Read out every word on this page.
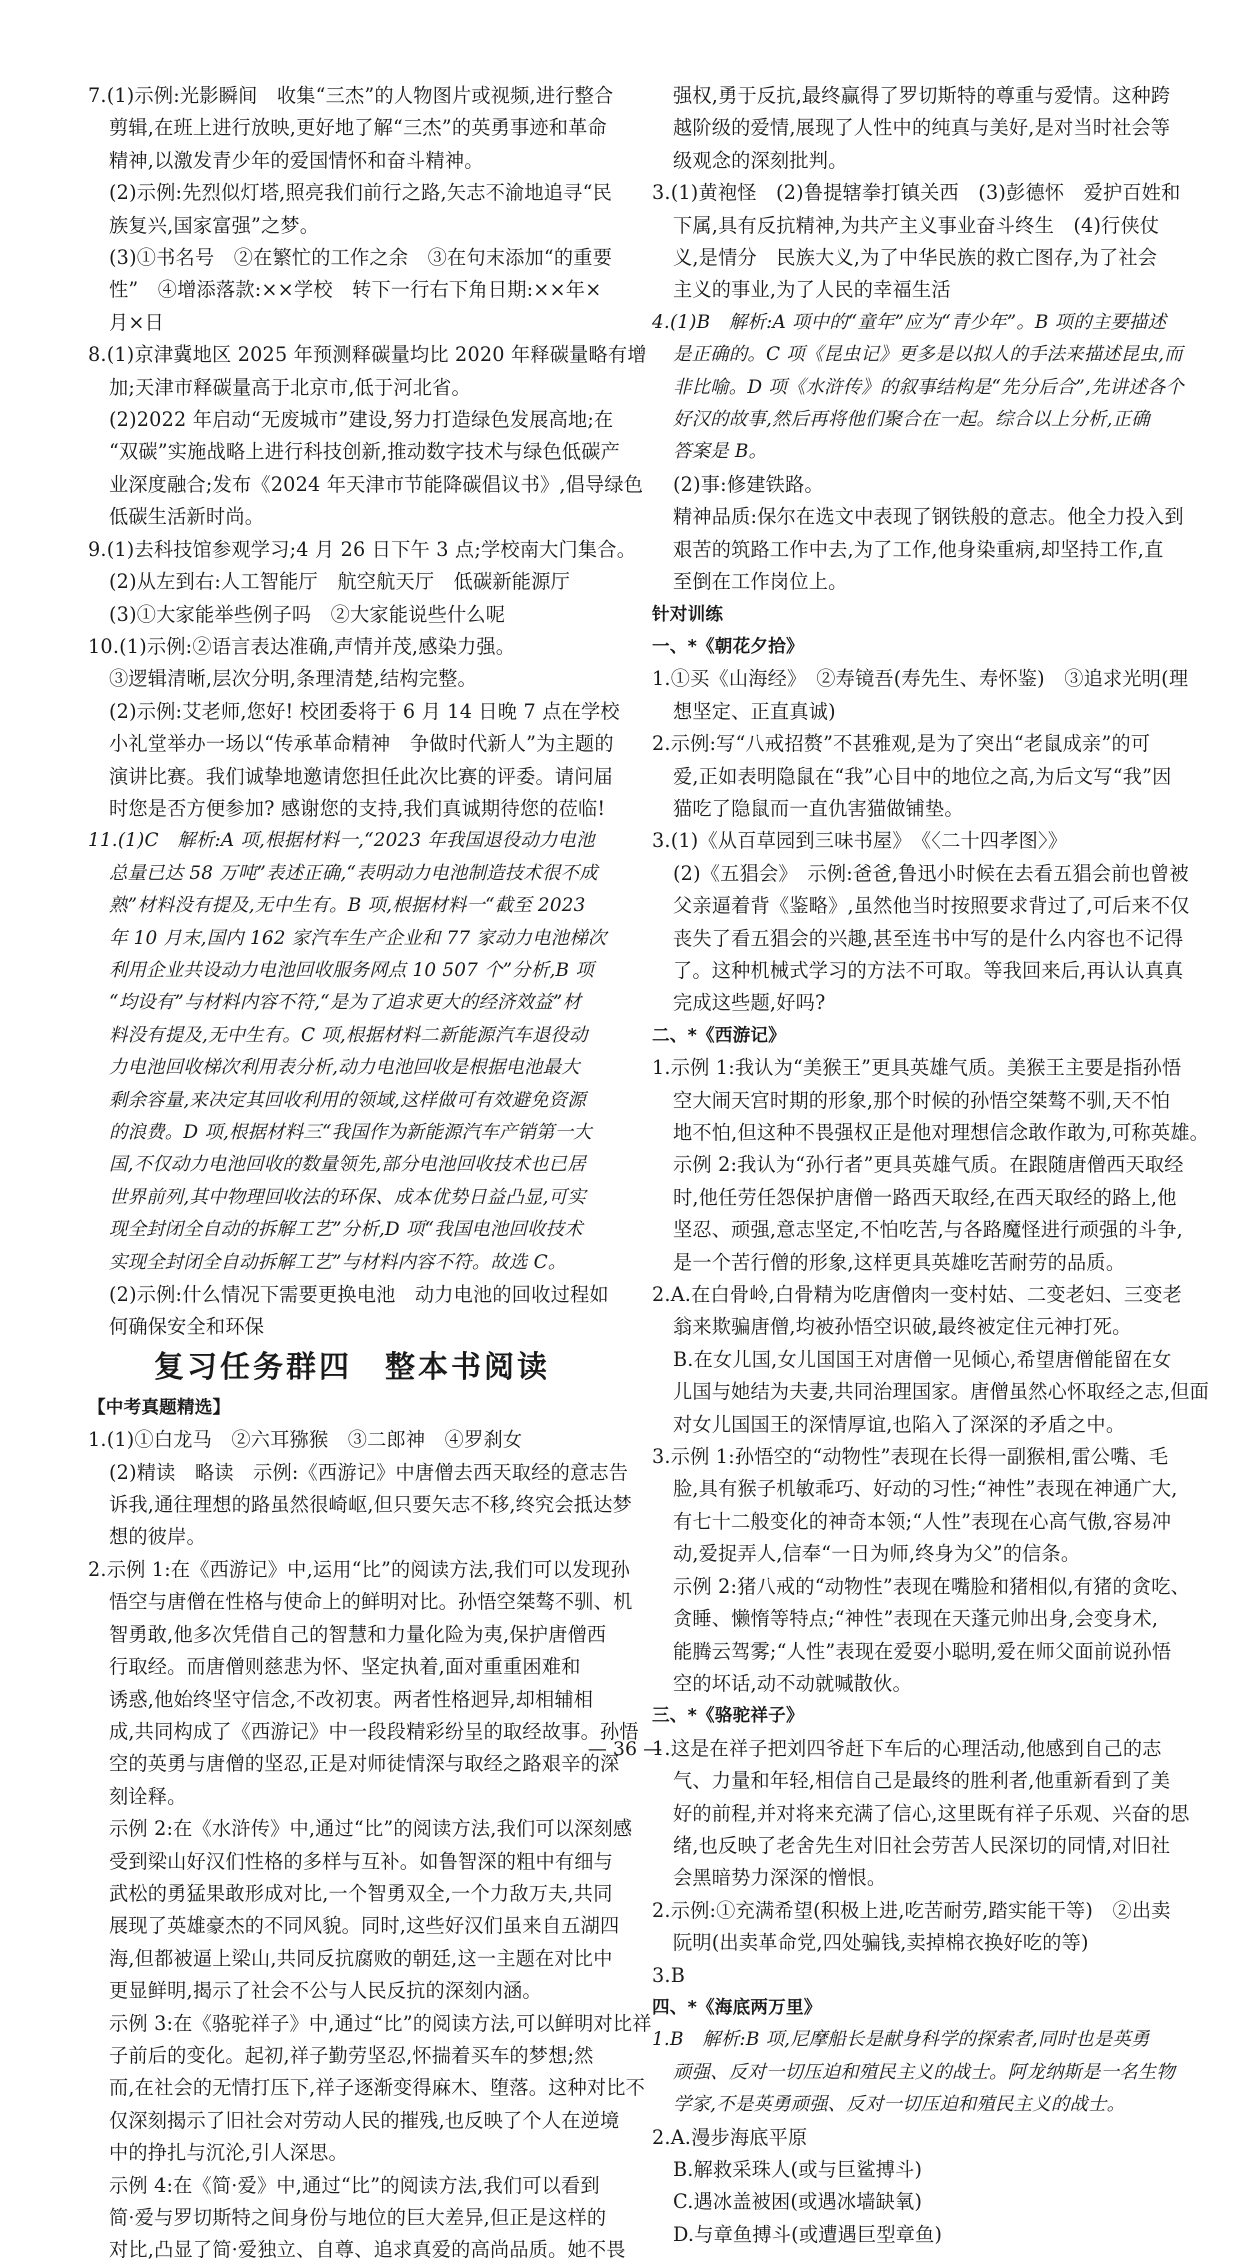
7.(1)示例:光影瞬间　收集“三杰”的人物图片或视频,进行整合
剪辑,在班上进行放映,更好地了解“三杰”的英勇事迹和革命
精神,以激发青少年的爱国情怀和奋斗精神。
(2)示例:先烈似灯塔,照亮我们前行之路,矢志不渝地追寻“民
族复兴,国家富强”之梦。
(3)①书名号　②在繁忙的工作之余　③在句末添加“的重要
性”　④增添落款:××学校　转下一行右下角日期:××年×
月×日
8.(1)京津冀地区 2025 年预测释碳量均比 2020 年释碳量略有增
加;天津市释碳量高于北京市,低于河北省。
(2)2022 年启动“无废城市”建设,努力打造绿色发展高地;在
“双碳”实施战略上进行科技创新,推动数字技术与绿色低碳产
业深度融合;发布《2024 年天津市节能降碳倡议书》,倡导绿色
低碳生活新时尚。
9.(1)去科技馆参观学习;4 月 26 日下午 3 点;学校南大门集合。
(2)从左到右:人工智能厅　航空航天厅　低碳新能源厅
(3)①大家能举些例子吗　②大家能说些什么呢
10.(1)示例:②语言表达准确,声情并茂,感染力强。
③逻辑清晰,层次分明,条理清楚,结构完整。
(2)示例:艾老师,您好! 校团委将于 6 月 14 日晚 7 点在学校
小礼堂举办一场以“传承革命精神　争做时代新人”为主题的
演讲比赛。我们诚挚地邀请您担任此次比赛的评委。请问届
时您是否方便参加? 感谢您的支持,我们真诚期待您的莅临!
11.(1)C　解析:A 项,根据材料一,“2023 年我国退役动力电池
总量已达 58 万吨”表述正确,“表明动力电池制造技术很不成
熟”材料没有提及,无中生有。B 项,根据材料一“截至 2023
年 10 月末,国内 162 家汽车生产企业和 77 家动力电池梯次
利用企业共设动力电池回收服务网点 10 507 个”分析,B 项
“均设有”与材料内容不符,“是为了追求更大的经济效益”材
料没有提及,无中生有。C 项,根据材料二新能源汽车退役动
力电池回收梯次利用表分析,动力电池回收是根据电池最大
剩余容量,来决定其回收利用的领域,这样做可有效避免资源
的浪费。D 项,根据材料三“我国作为新能源汽车产销第一大
国,不仅动力电池回收的数量领先,部分电池回收技术也已居
世界前列,其中物理回收法的环保、成本优势日益凸显,可实
现全封闭全自动的拆解工艺”分析,D 项“我国电池回收技术
实现全封闭全自动拆解工艺”与材料内容不符。故选 C。
(2)示例:什么情况下需要更换电池　动力电池的回收过程如
何确保安全和环保
复习任务群四　整本书阅读
【中考真题精选】
1.(1)①白龙马　②六耳猕猴　③二郎神　④罗刹女
(2)精读　略读　示例:《西游记》中唐僧去西天取经的意志告
诉我,通往理想的路虽然很崎岖,但只要矢志不移,终究会抵达梦
想的彼岸。
2.示例 1:在《西游记》中,运用“比”的阅读方法,我们可以发现孙
悟空与唐僧在性格与使命上的鲜明对比。孙悟空桀骜不驯、机
智勇敢,他多次凭借自己的智慧和力量化险为夷,保护唐僧西
行取经。而唐僧则慈悲为怀、坚定执着,面对重重困难和
诱惑,他始终坚守信念,不改初衷。两者性格迥异,却相辅相
成,共同构成了《西游记》中一段段精彩纷呈的取经故事。孙悟
空的英勇与唐僧的坚忍,正是对师徒情深与取经之路艰辛的深
刻诠释。
示例 2:在《水浒传》中,通过“比”的阅读方法,我们可以深刻感
受到梁山好汉们性格的多样与互补。如鲁智深的粗中有细与
武松的勇猛果敢形成对比,一个智勇双全,一个力敌万夫,共同
展现了英雄豪杰的不同风貌。同时,这些好汉们虽来自五湖四
海,但都被逼上梁山,共同反抗腐败的朝廷,这一主题在对比中
更显鲜明,揭示了社会不公与人民反抗的深刻内涵。
示例 3:在《骆驼祥子》中,通过“比”的阅读方法,可以鲜明对比祥
子前后的变化。起初,祥子勤劳坚忍,怀揣着买车的梦想;然
而,在社会的无情打压下,祥子逐渐变得麻木、堕落。这种对比不
仅深刻揭示了旧社会对劳动人民的摧残,也反映了个人在逆境
中的挣扎与沉沦,引人深思。
示例 4:在《简·爱》中,通过“比”的阅读方法,我们可以看到
简·爱与罗切斯特之间身份与地位的巨大差异,但正是这样的
对比,凸显了简·爱独立、自尊、追求真爱的高尚品质。她不畏
强权,勇于反抗,最终赢得了罗切斯特的尊重与爱情。这种跨
越阶级的爱情,展现了人性中的纯真与美好,是对当时社会等
级观念的深刻批判。
3.(1)黄袍怪　(2)鲁提辖拳打镇关西　(3)彭德怀　爱护百姓和
下属,具有反抗精神,为共产主义事业奋斗终生　(4)行侠仗
义,是情分　民族大义,为了中华民族的救亡图存,为了社会
主义的事业,为了人民的幸福生活
4.(1)B　解析:A 项中的“童年”应为“青少年”。B 项的主要描述
是正确的。C 项《昆虫记》更多是以拟人的手法来描述昆虫,而
非比喻。D 项《水浒传》的叙事结构是“先分后合”,先讲述各个
好汉的故事,然后再将他们聚合在一起。综合以上分析,正确
答案是 B。
(2)事:修建铁路。
精神品质:保尔在选文中表现了钢铁般的意志。他全力投入到
艰苦的筑路工作中去,为了工作,他身染重病,却坚持工作,直
至倒在工作岗位上。
针对训练
一、*《朝花夕拾》
1.①买《山海经》　②寿镜吾(寿先生、寿怀鉴)　③追求光明(理
想坚定、正直真诚)
2.示例:写“八戒招赘”不甚雅观,是为了突出“老鼠成亲”的可
爱,正如表明隐鼠在“我”心目中的地位之高,为后文写“我”因
猫吃了隐鼠而一直仇害猫做铺垫。
3.(1)《从百草园到三味书屋》　《〈二十四孝图〉》
(2)《五猖会》　示例:爸爸,鲁迅小时候在去看五猖会前也曾被
父亲逼着背《鉴略》,虽然他当时按照要求背过了,可后来不仅
丧失了看五猖会的兴趣,甚至连书中写的是什么内容也不记得
了。这种机械式学习的方法不可取。等我回来后,再认认真真
完成这些题,好吗?
二、*《西游记》
1.示例 1:我认为“美猴王”更具英雄气质。美猴王主要是指孙悟
空大闹天宫时期的形象,那个时候的孙悟空桀骜不驯,天不怕
地不怕,但这种不畏强权正是他对理想信念敢作敢为,可称英雄。
示例 2:我认为“孙行者”更具英雄气质。在跟随唐僧西天取经
时,他任劳任怨保护唐僧一路西天取经,在西天取经的路上,他
坚忍、顽强,意志坚定,不怕吃苦,与各路魔怪进行顽强的斗争,
是一个苦行僧的形象,这样更具英雄吃苦耐劳的品质。
2.A.在白骨岭,白骨精为吃唐僧肉一变村姑、二变老妇、三变老
翁来欺骗唐僧,均被孙悟空识破,最终被定住元神打死。
B.在女儿国,女儿国国王对唐僧一见倾心,希望唐僧能留在女
儿国与她结为夫妻,共同治理国家。唐僧虽然心怀取经之志,但面
对女儿国国王的深情厚谊,也陷入了深深的矛盾之中。
3.示例 1:孙悟空的“动物性”表现在长得一副猴相,雷公嘴、毛
脸,具有猴子机敏乖巧、好动的习性;“神性”表现在神通广大,
有七十二般变化的神奇本领;“人性”表现在心高气傲,容易冲
动,爱捉弄人,信奉“一日为师,终身为父”的信条。
示例 2:猪八戒的“动物性”表现在嘴脸和猪相似,有猪的贪吃、
贪睡、懒惰等特点;“神性”表现在天蓬元帅出身,会变身术,
能腾云驾雾;“人性”表现在爱耍小聪明,爱在师父面前说孙悟
空的坏话,动不动就喊散伙。
三、*《骆驼祥子》
1.这是在祥子把刘四爷赶下车后的心理活动,他感到自己的志
气、力量和年轻,相信自己是最终的胜利者,他重新看到了美
好的前程,并对将来充满了信心,这里既有祥子乐观、兴奋的思
绪,也反映了老舍先生对旧社会劳苦人民深切的同情,对旧社
会黑暗势力深深的憎恨。
2.示例:①充满希望(积极上进,吃苦耐劳,踏实能干等)　②出卖
阮明(出卖革命党,四处骗钱,卖掉棉衣换好吃的等)
3.B
四、*《海底两万里》
1.B　解析:B 项,尼摩船长是献身科学的探索者,同时也是英勇
顽强、反对一切压迫和殖民主义的战士。阿龙纳斯是一名生物
学家,不是英勇顽强、反对一切压迫和殖民主义的战士。
2.A.漫步海底平原
B.解救采珠人(或与巨鲨搏斗)
C.遇冰盖被困(或遇冰墙缺氧)
D.与章鱼搏斗(或遭遇巨型章鱼)
— 36 —
